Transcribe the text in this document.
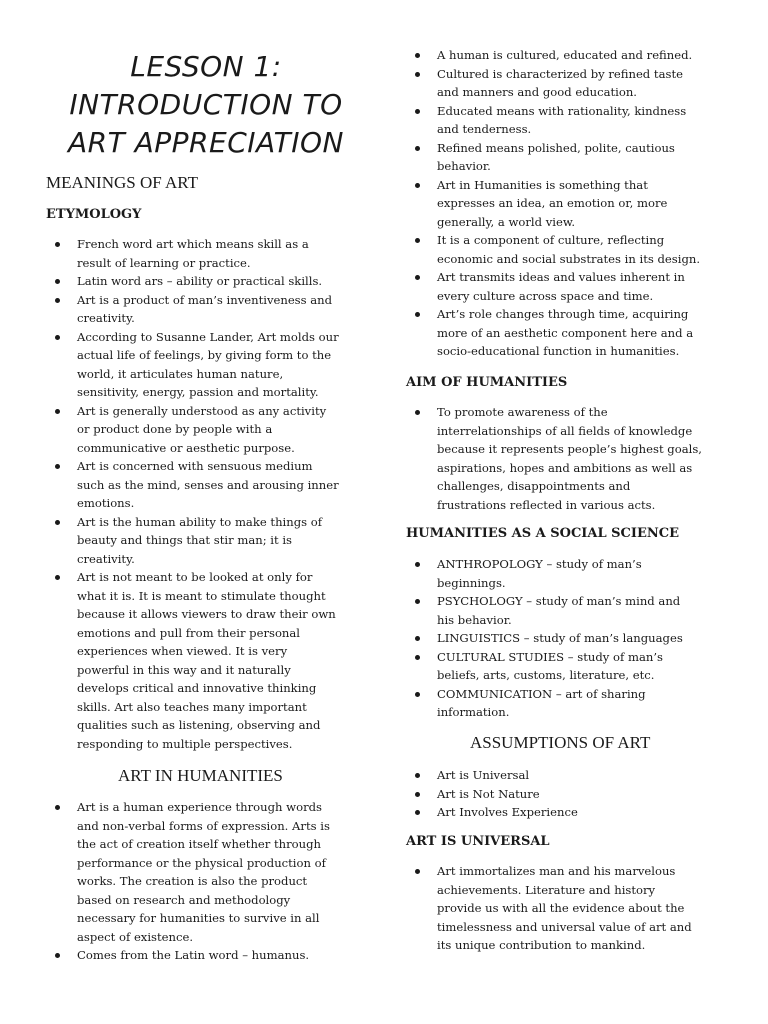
LESSON 1:
INTRODUCTION TO
ART APPRECIATION
MEANINGS OF ART
ETYMOLOGY
French word art which means skill as a
result of learning or practice.
Latin word ars – ability or practical skills.
Art is a product of man’s inventiveness and
creativity.
According to Susanne Lander, Art molds our
actual life of feelings, by giving form to the
world, it articulates human nature,
sensitivity, energy, passion and mortality.
Art is generally understood as any activity
or product done by people with a
communicative or aesthetic purpose.
Art is concerned with sensuous medium
such as the mind, senses and arousing inner
emotions.
Art is the human ability to make things of
beauty and things that stir man; it is
creativity.
Art is not meant to be looked at only for
what it is. It is meant to stimulate thought
because it allows viewers to draw their own
emotions and pull from their personal
experiences when viewed. It is very
powerful in this way and it naturally
develops critical and innovative thinking
skills. Art also teaches many important
qualities such as listening, observing and
responding to multiple perspectives.
ART IN HUMANITIES
Art is a human experience through words
and non-verbal forms of expression. Arts is
the act of creation itself whether through
performance or the physical production of
works. The creation is also the product
based on research and methodology
necessary for humanities to survive in all
aspect of existence.
Comes from the Latin word – humanus.
A human is cultured, educated and refined.
Cultured is characterized by refined taste
and manners and good education.
Educated means with rationality, kindness
and tenderness.
Refined means polished, polite, cautious
behavior.
Art in Humanities is something that
expresses an idea, an emotion or, more
generally, a world view.
It is a component of culture, reflecting
economic and social substrates in its design.
Art transmits ideas and values inherent in
every culture across space and time.
Art’s role changes through time, acquiring
more of an aesthetic component here and a
socio-educational function in humanities.
AIM OF HUMANITIES
To promote awareness of the
interrelationships of all fields of knowledge
because it represents people’s highest goals,
aspirations, hopes and ambitions as well as
challenges, disappointments and
frustrations reflected in various acts.
HUMANITIES AS A SOCIAL SCIENCE
ANTHROPOLOGY – study of man’s
beginnings.
PSYCHOLOGY – study of man’s mind and
his behavior.
LINGUISTICS – study of man’s languages
CULTURAL STUDIES – study of man’s
beliefs, arts, customs, literature, etc.
COMMUNICATION – art of sharing
information.
ASSUMPTIONS OF ART
Art is Universal
Art is Not Nature
Art Involves Experience
ART IS UNIVERSAL
Art immortalizes man and his marvelous
achievements. Literature and history
provide us with all the evidence about the
timelessness and universal value of art and
its unique contribution to mankind.
